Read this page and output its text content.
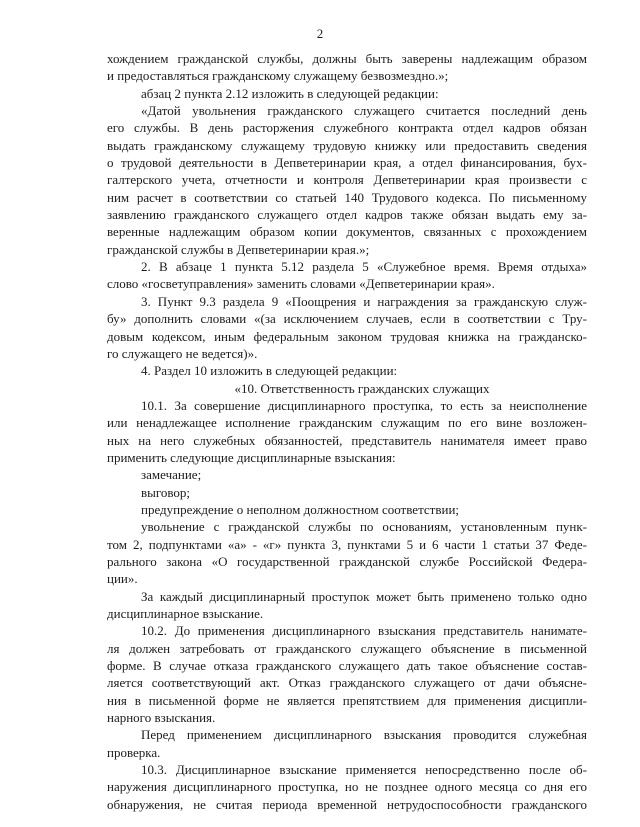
2
хождением гражданской службы, должны быть заверены надлежащим образом
и предоставляться гражданскому служащему безвозмездно.»;
абзац 2 пункта 2.12 изложить в следующей редакции:
«Датой увольнения гражданского служащего считается последний день
его службы. В день расторжения служебного контракта отдел кадров обязан
выдать гражданскому служащему трудовую книжку или предоставить сведения
о трудовой деятельности в Депветеринарии края, а отдел финансирования, бух-
галтерского учета, отчетности и контроля Депветеринарии края произвести с
ним расчет в соответствии со статьей 140 Трудового кодекса. По письменному
заявлению гражданского служащего отдел кадров также обязан выдать ему за-
веренные надлежащим образом копии документов, связанных с прохождением
гражданской службы в Депветеринарии края.»;
2. В абзаце 1 пункта 5.12 раздела 5 «Служебное время. Время отдыха»
слово «госветуправления» заменить словами «Депветеринарии края».
3. Пункт 9.3 раздела 9 «Поощрения и награждения за гражданскую служ-
бу» дополнить словами «(за исключением случаев, если в соответствии с Тру-
довым кодексом, иным федеральным законом трудовая книжка на гражданско-
го служащего не ведется)».
4. Раздел 10 изложить в следующей редакции:
«10. Ответственность гражданских служащих
10.1. За совершение дисциплинарного проступка, то есть за неисполнение
или ненадлежащее исполнение гражданским служащим по его вине возложен-
ных на него служебных обязанностей, представитель нанимателя имеет право
применить следующие дисциплинарные взыскания:
замечание;
выговор;
предупреждение о неполном должностном соответствии;
увольнение с гражданской службы по основаниям, установленным пунк-
том 2, подпунктами «а» - «г» пункта 3, пунктами 5 и 6 части 1 статьи 37 Феде-
рального закона «О государственной гражданской службе Российской Федера-
ции».
За каждый дисциплинарный проступок может быть применено только одно
дисциплинарное взыскание.
10.2. До применения дисциплинарного взыскания представитель нанимате-
ля должен затребовать от гражданского служащего объяснение в письменной
форме. В случае отказа гражданского служащего дать такое объяснение состав-
ляется соответствующий акт. Отказ гражданского служащего от дачи объясне-
ния в письменной форме не является препятствием для применения дисципли-
нарного взыскания.
Перед применением дисциплинарного взыскания проводится служебная
проверка.
10.3. Дисциплинарное взыскание применяется непосредственно после об-
наружения дисциплинарного проступка, но не позднее одного месяца со дня его
обнаружения, не считая периода временной нетрудоспособности гражданского
